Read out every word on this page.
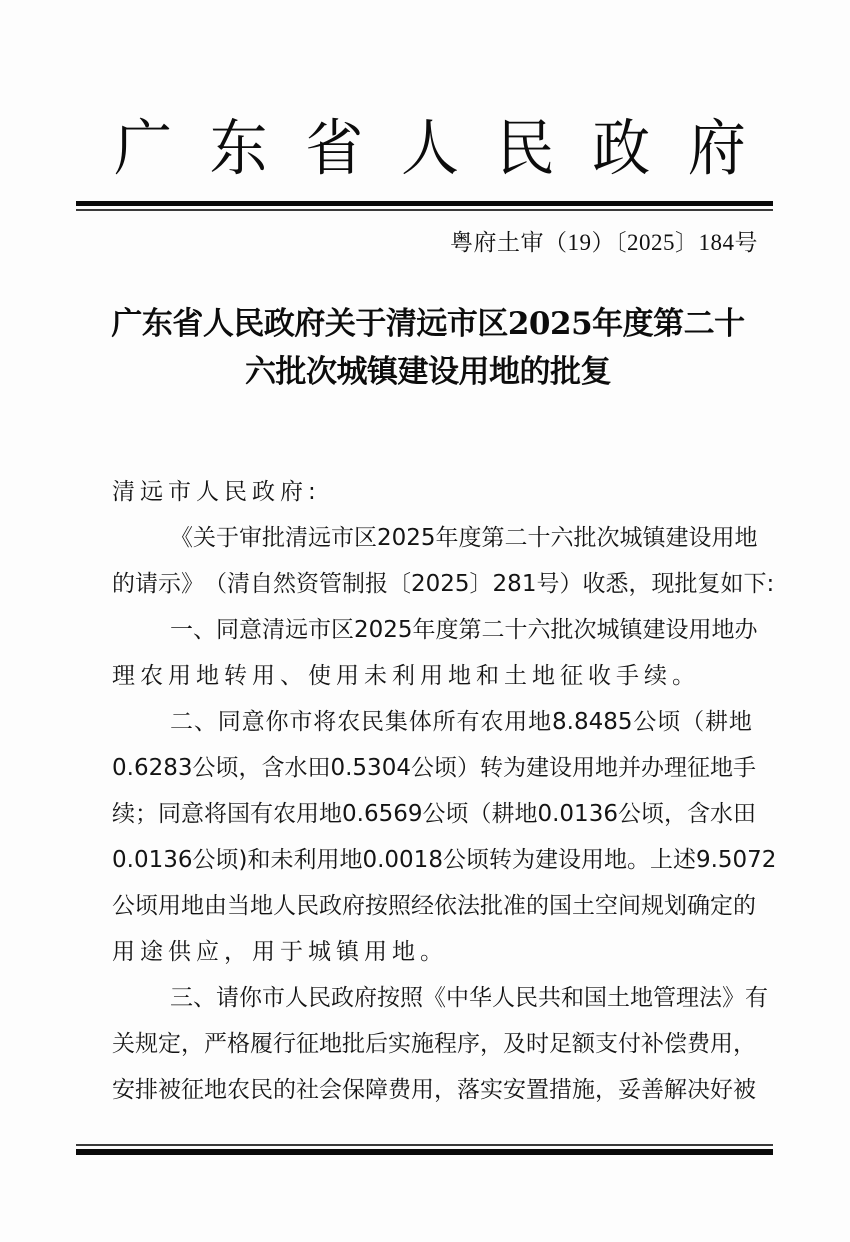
广 东 省 人 民 政 府
粤府土审（19）〔2025〕184号
广东省人民政府关于清远市区2025年度第二十
六批次城镇建设用地的批复
清远市人民政府:
《 关 于 审 批 清 远 市 区 2025 年 度 第 二 十 六 批 次 城 镇 建 设 用 地
的 请 示 》 （ 清 自 然 资 管 制 报 〔 2025 〕 281 号 ） 收 悉 ， 现 批 复 如 下 :
一 、 同 意 清 远 市 区 2025 年 度 第 二 十 六 批 次 城 镇 建 设 用 地 办
理农用地转用、使用未利用地和土地征收手续。
二 、 同 意 你 市 将 农 民 集 体 所 有 农 用 地 8.8485 公 顷 （ 耕 地
0.6283 公 顷 ， 含 水 田 0.5304 公 顷 ） 转 为 建 设 用 地 并 办 理 征 地 手
续 ； 同 意 将 国 有 农 用 地 0.6569 公 顷 （ 耕 地 0.0136 公 顷 ， 含 水 田
0.0136 公 顷 ) 和 未 利 用 地 0.0018 公 顷 转 为 建 设 用 地 。 上 述 9.5072
公 顷 用 地 由 当 地 人 民 政 府 按 照 经 依 法 批 准 的 国 土 空 间 规 划 确 定 的
用途供应，用于城镇用地。
三 、 请 你 市 人 民 政 府 按 照 《 中 华 人 民 共 和 国 土 地 管 理 法 》 有
关 规 定 ， 严 格 履 行 征 地 批 后 实 施 程 序 ， 及 时 足 额 支 付 补 偿 费 用 ，
安 排 被 征 地 农 民 的 社 会 保 障 费 用 ， 落 实 安 置 措 施 ， 妥 善 解 决 好 被
